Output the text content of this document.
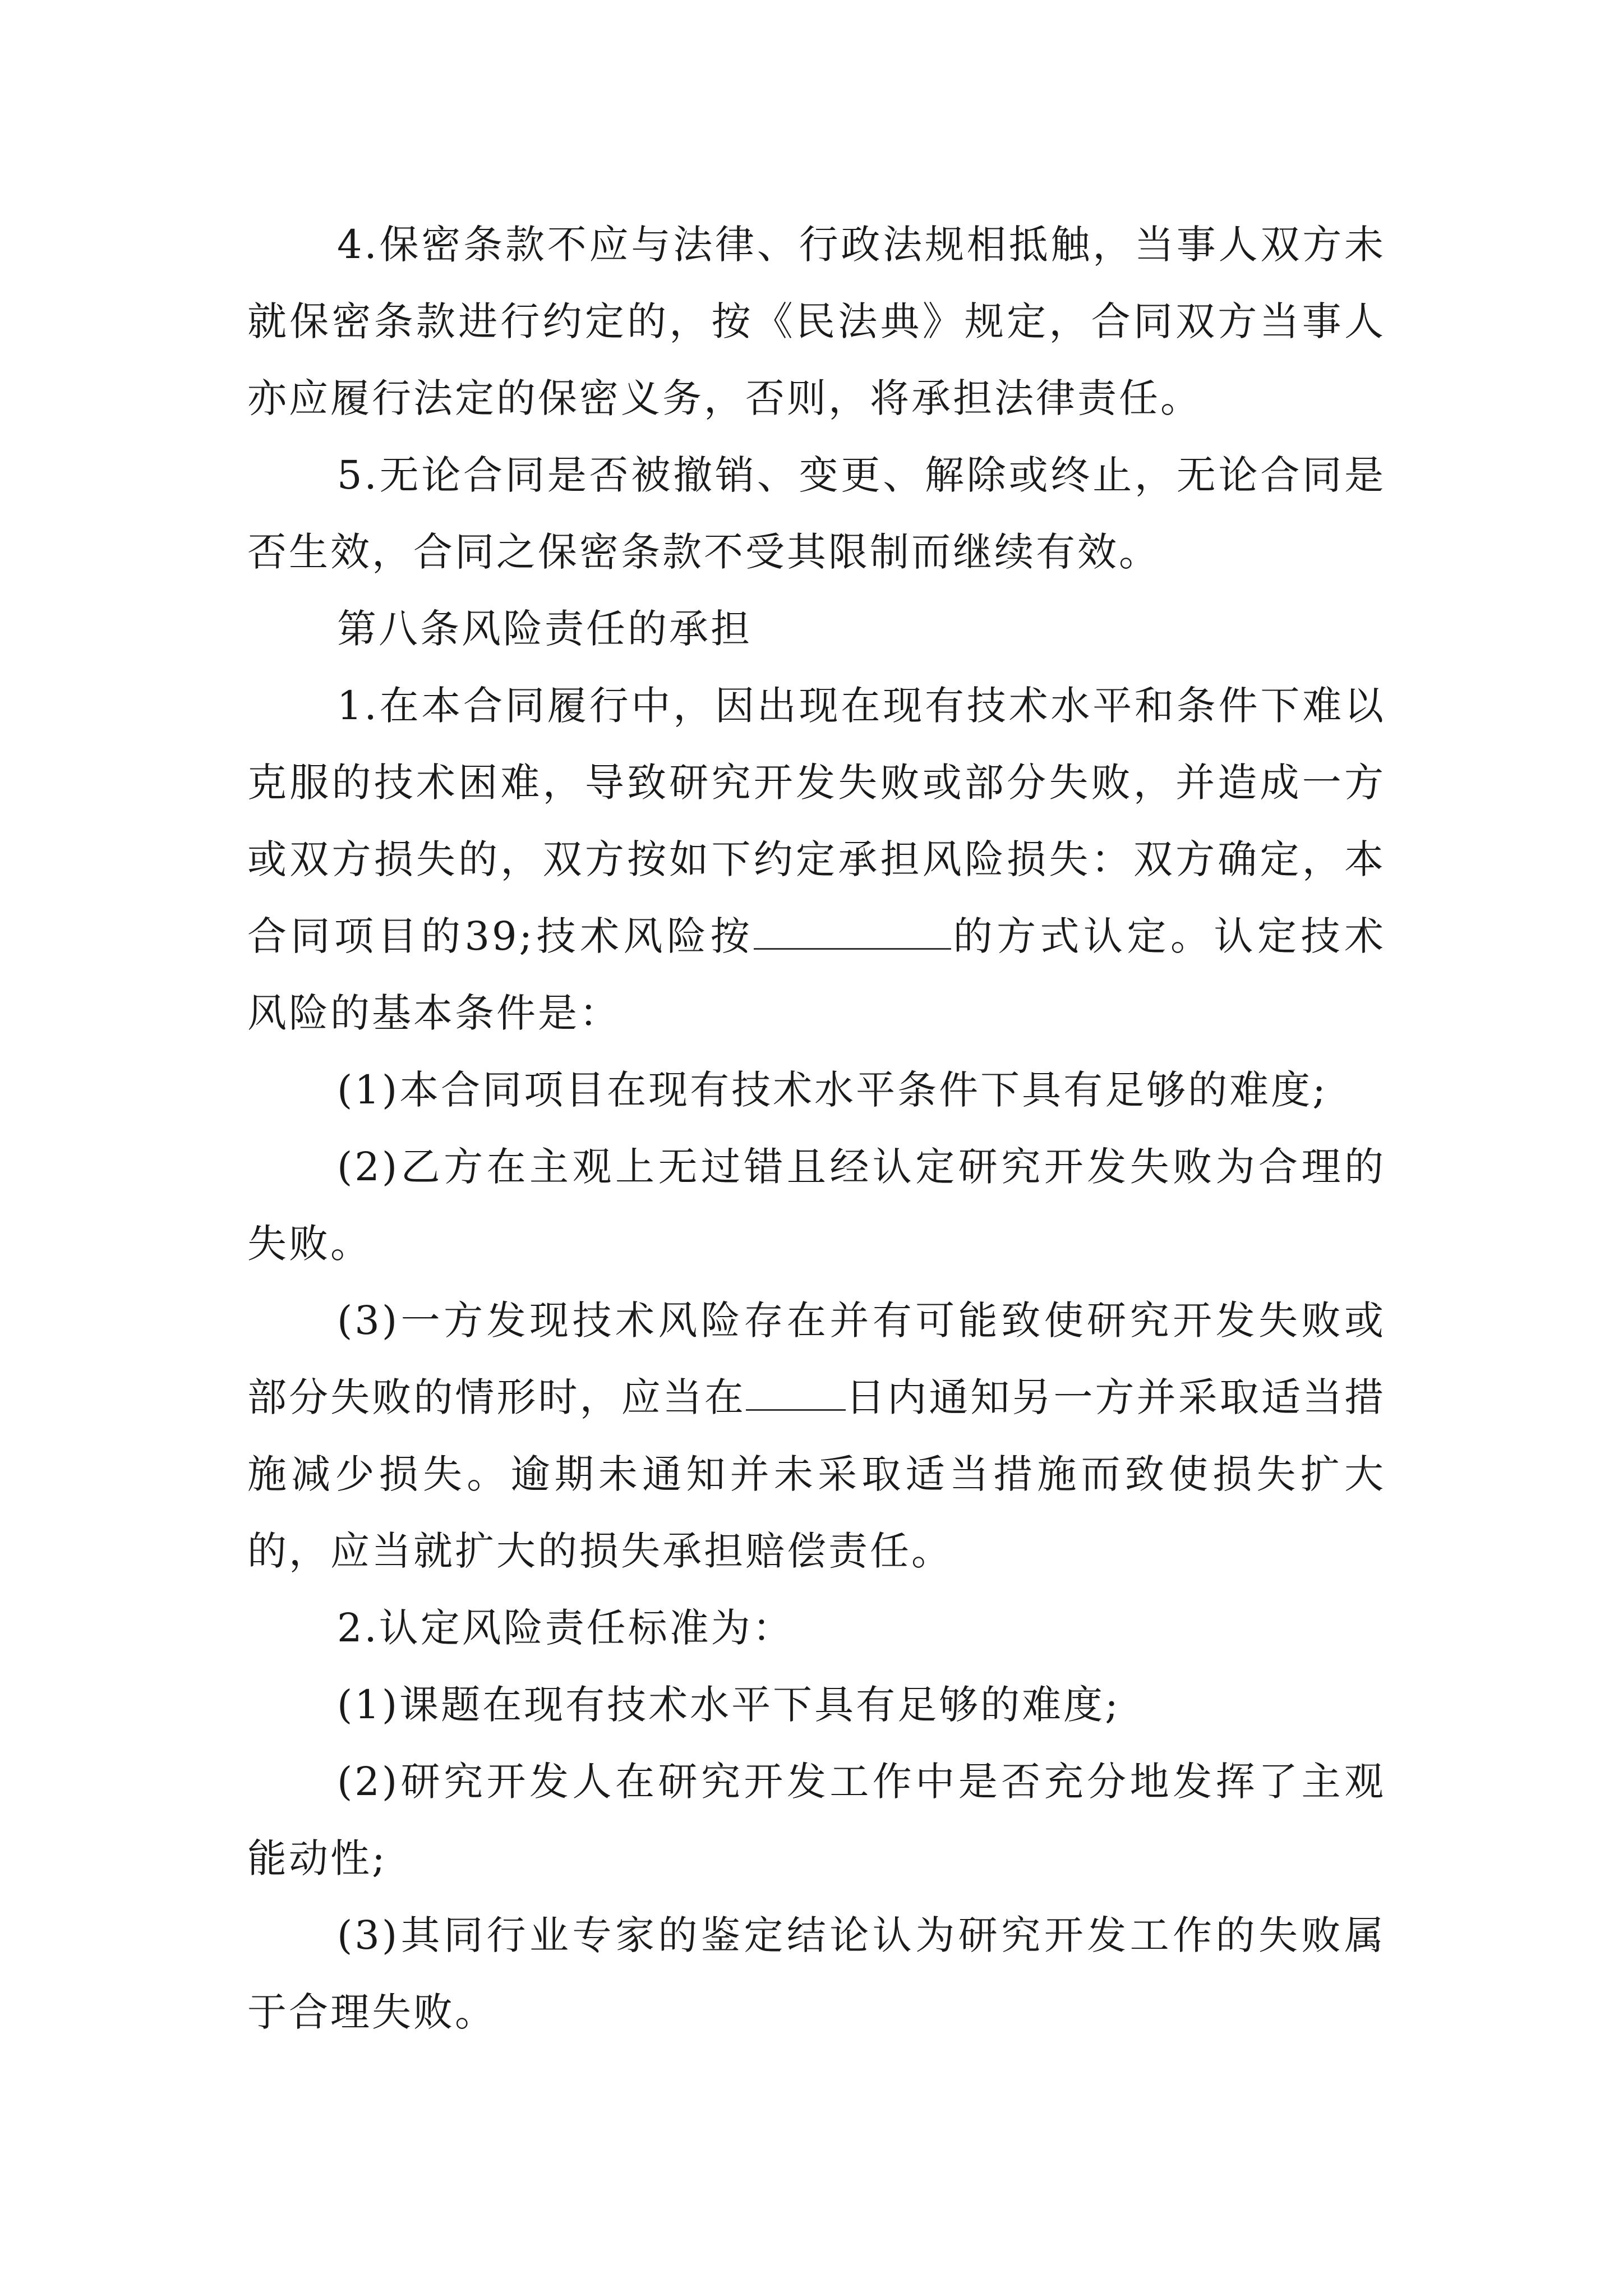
4.保密条款不应与法律、行政法规相抵触，当事人双方未就保密条款进行约定的，按《民法典》规定，合同双方当事人亦应履行法定的保密义务，否则，将承担法律责任。

5.无论合同是否被撤销、变更、解除或终止，无论合同是否生效，合同之保密条款不受其限制而继续有效。

第八条风险责任的承担

1.在本合同履行中，因出现在现有技术水平和条件下难以克服的技术困难，导致研究开发失败或部分失败，并造成一方或双方损失的，双方按如下约定承担风险损失：双方确定，本合同项目的39;技术风险按	的方式认定。认定技术风险的基本条件是：

(1)本合同项目在现有技术水平条件下具有足够的难度;

(2)乙方在主观上无过错且经认定研究开发失败为合理的失败。

(3)一方发现技术风险存在并有可能致使研究开发失败或部分失败的情形时，应当在	日内通知另一方并采取适当措施减少损失。逾期未通知并未采取适当措施而致使损失扩大的，应当就扩大的损失承担赔偿责任。

2.认定风险责任标准为：

(1)课题在现有技术水平下具有足够的难度;

(2)研究开发人在研究开发工作中是否充分地发挥了主观能动性;

(3)其同行业专家的鉴定结论认为研究开发工作的失败属于合理失败。
